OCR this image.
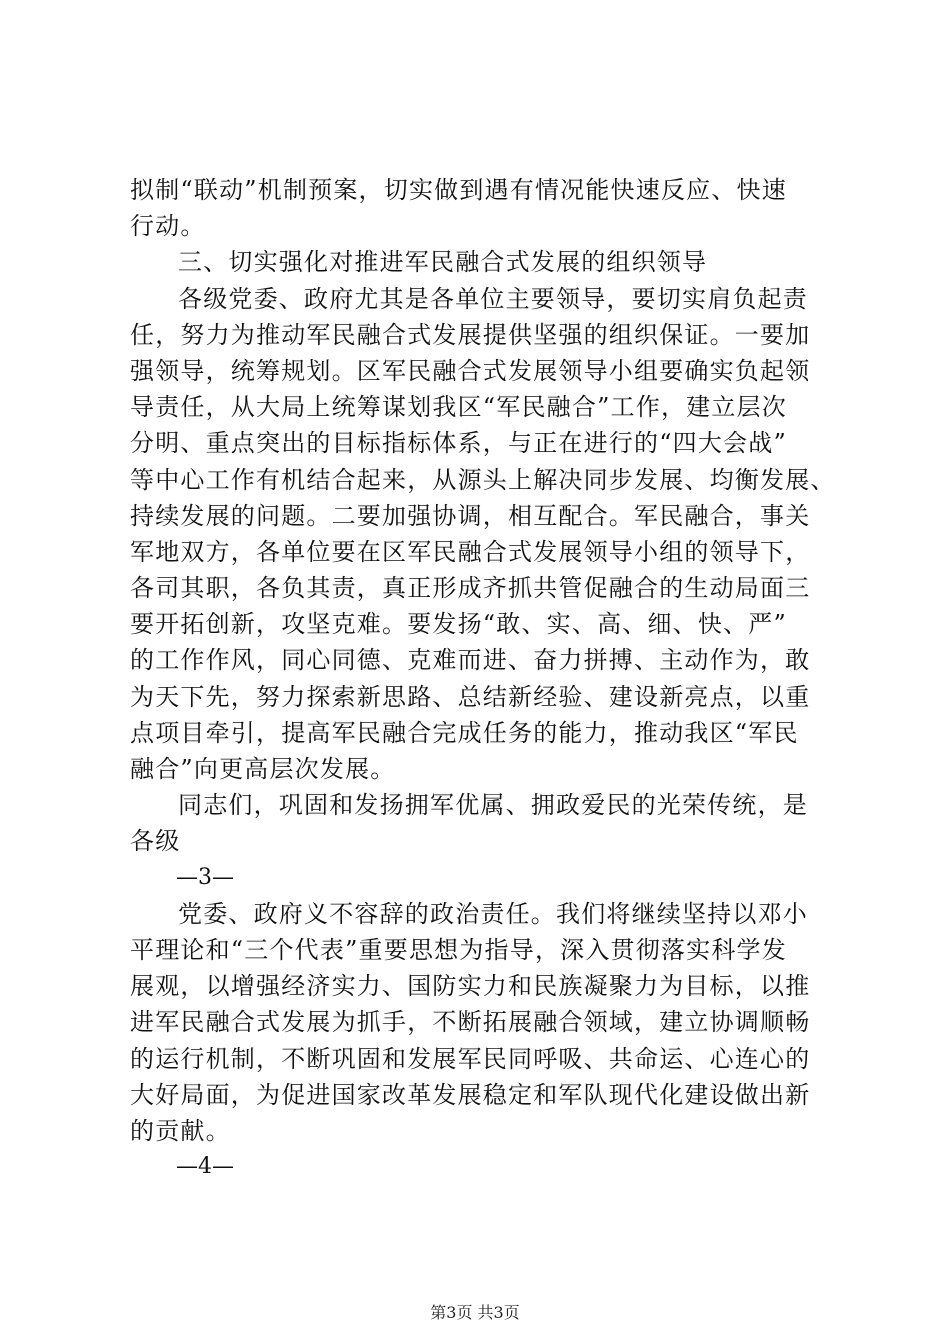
拟制“联动”机制预案，切实做到遇有情况能快速反应、快速
行动。
三、切实强化对推进军民融合式发展的组织领导
各级党委、政府尤其是各单位主要领导，要切实肩负起责
任，努力为推动军民融合式发展提供坚强的组织保证。一要加
强领导，统筹规划。区军民融合式发展领导小组要确实负起领
导责任，从大局上统筹谋划我区“军民融合”工作，建立层次
分明、重点突出的目标指标体系，与正在进行的“四大会战”
等中心工作有机结合起来，从源头上解决同步发展、均衡发展、
持续发展的问题。二要加强协调，相互配合。军民融合，事关
军地双方，各单位要在区军民融合式发展领导小组的领导下，
各司其职，各负其责，真正形成齐抓共管促融合的生动局面三
要开拓创新，攻坚克难。要发扬“敢、实、高、细、快、严”
的工作作风，同心同德、克难而进、奋力拼搏、主动作为，敢
为天下先，努力探索新思路、总结新经验、建设新亮点，以重
点项目牵引，提高军民融合完成任务的能力，推动我区“军民
融合”向更高层次发展。
同志们，巩固和发扬拥军优属、拥政爱民的光荣传统，是
各级
—3—
党委、政府义不容辞的政治责任。我们将继续坚持以邓小
平理论和“三个代表”重要思想为指导，深入贯彻落实科学发
展观，以增强经济实力、国防实力和民族凝聚力为目标，以推
进军民融合式发展为抓手，不断拓展融合领域，建立协调顺畅
的运行机制，不断巩固和发展军民同呼吸、共命运、心连心的
大好局面，为促进国家改革发展稳定和军队现代化建设做出新
的贡献。
—4—
第3页 共3页
